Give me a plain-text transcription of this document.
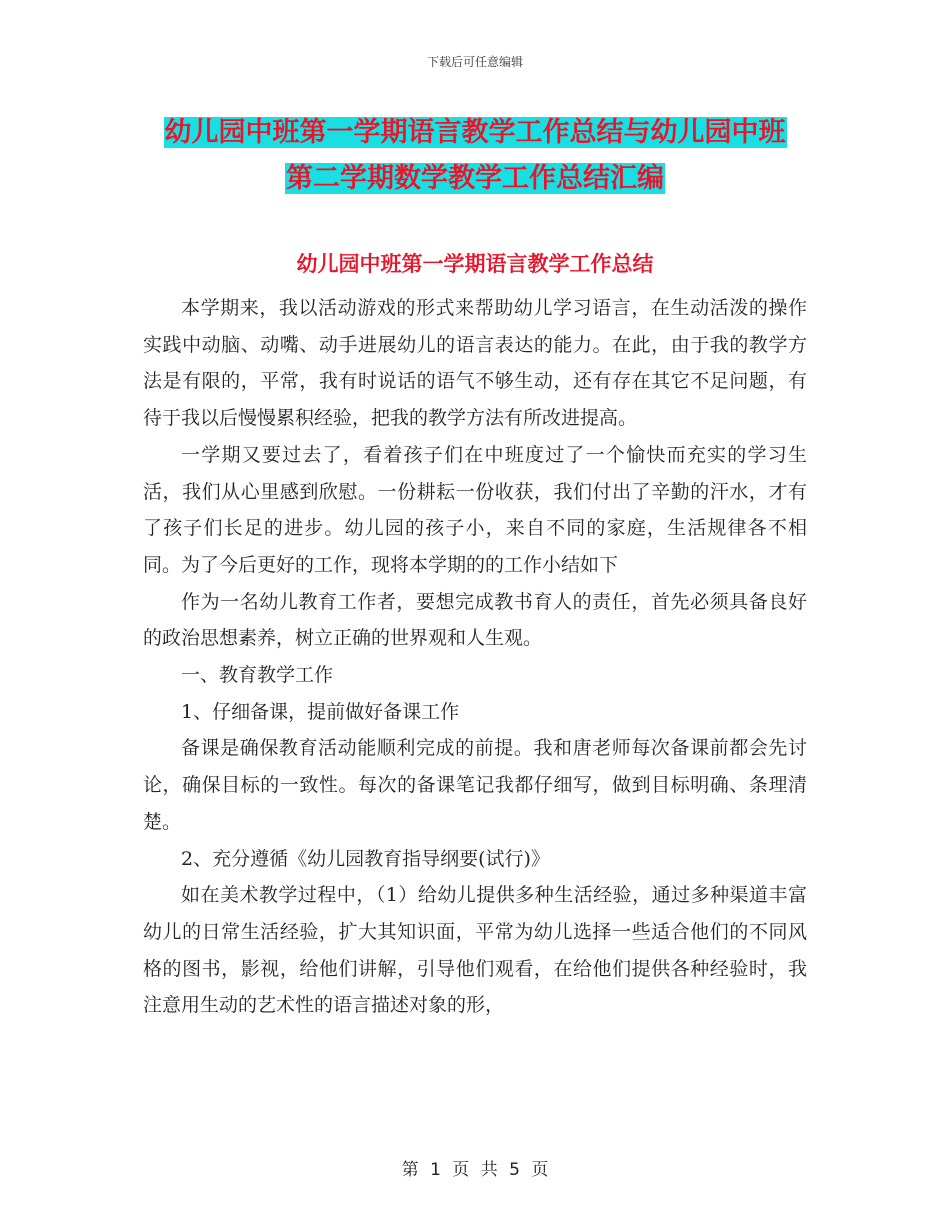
下载后可任意编辑
幼儿园中班第一学期语言教学工作总结与幼儿园中班
第二学期数学教学工作总结汇编
幼儿园中班第一学期语言教学工作总结

本学期来，我以活动游戏的形式来帮助幼儿学习语言，在生动活泼的操作实践中动脑、动嘴、动手进展幼儿的语言表达的能力。在此，由于我的教学方法是有限的，平常，我有时说话的语气不够生动，还有存在其它不足问题，有待于我以后慢慢累积经验，把我的教学方法有所改进提高。

一学期又要过去了，看着孩子们在中班度过了一个愉快而充实的学习生活，我们从心里感到欣慰。一份耕耘一份收获，我们付出了辛勤的汗水，才有了孩子们长足的进步。幼儿园的孩子小，来自不同的家庭，生活规律各不相同。为了今后更好的工作，现将本学期的的工作小结如下

作为一名幼儿教育工作者，要想完成教书育人的责任，首先必须具备良好的政治思想素养，树立正确的世界观和人生观。

一、教育教学工作

1、仔细备课，提前做好备课工作

备课是确保教育活动能顺利完成的前提。我和唐老师每次备课前都会先讨论，确保目标的一致性。每次的备课笔记我都仔细写，做到目标明确、条理清楚。

2、充分遵循《幼儿园教育指导纲要(试行)》

如在美术教学过程中，（1）给幼儿提供多种生活经验，通过多种渠道丰富幼儿的日常生活经验，扩大其知识面，平常为幼儿选择一些适合他们的不同风格的图书，影视，给他们讲解，引导他们观看，在给他们提供各种经验时，我注意用生动的艺术性的语言描述对象的形，

第 1 页 共 5 页
